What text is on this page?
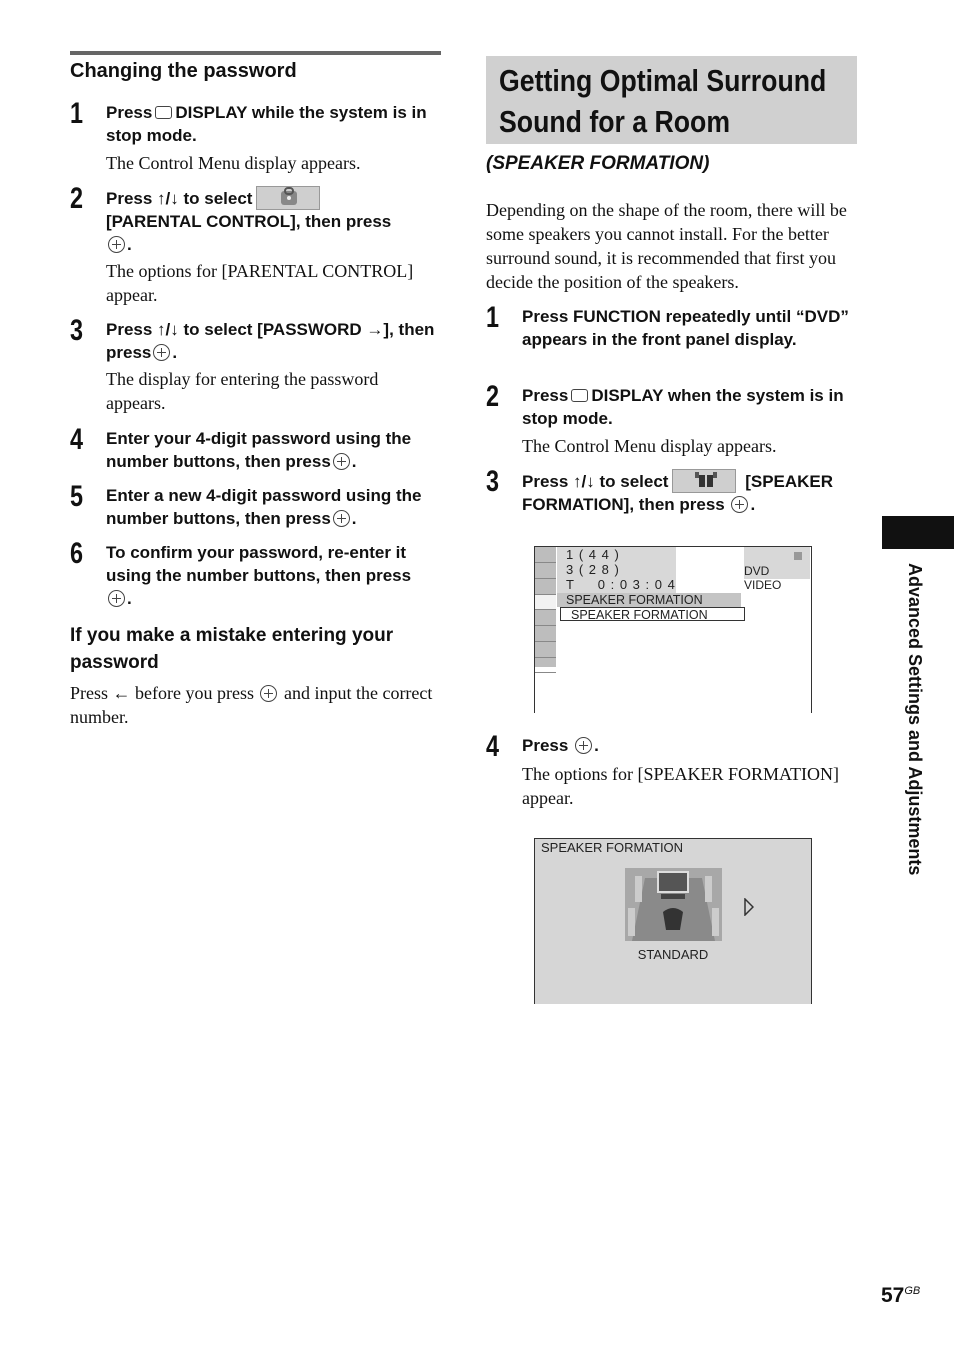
Changing the password
1 Press DISPLAY while the system is in stop mode.
The Control Menu display appears.
2 Press ↑/↓ to select
[PARENTAL CONTROL], then press
.
The options for [PARENTAL CONTROL] appear.
3 Press ↑/↓ to select [PASSWORD →], then press .
The display for entering the password appears.
4 Enter your 4-digit password using the number buttons, then press .
5 Enter a new 4-digit password using the number buttons, then press .
6 To confirm your password, re-enter it using the number buttons, then press
.
If you make a mistake entering your password
Press ← before you press and input the correct number.
Getting Optimal Surround
Sound for a Room
(SPEAKER FORMATION)
Depending on the shape of the room, there will be some speakers you cannot install. For the better surround sound, it is recommended that first you decide the position of the speakers.
1 Press FUNCTION repeatedly until “DVD” appears in the front panel display.
2 Press DISPLAY when the system is in stop mode.
The Control Menu display appears.
3 Press ↑/↓ to select	[SPEAKER FORMATION], then press .
1 ( 4 4 )
3 ( 2 8 )
T     0 : 0 3 : 0 4
DVD VIDEO
SPEAKER FORMATION
SPEAKER FORMATION
4 Press .
The options for [SPEAKER FORMATION] appear.
SPEAKER FORMATION
STANDARD
Advanced Settings and Adjustments
$57^{GB}$
